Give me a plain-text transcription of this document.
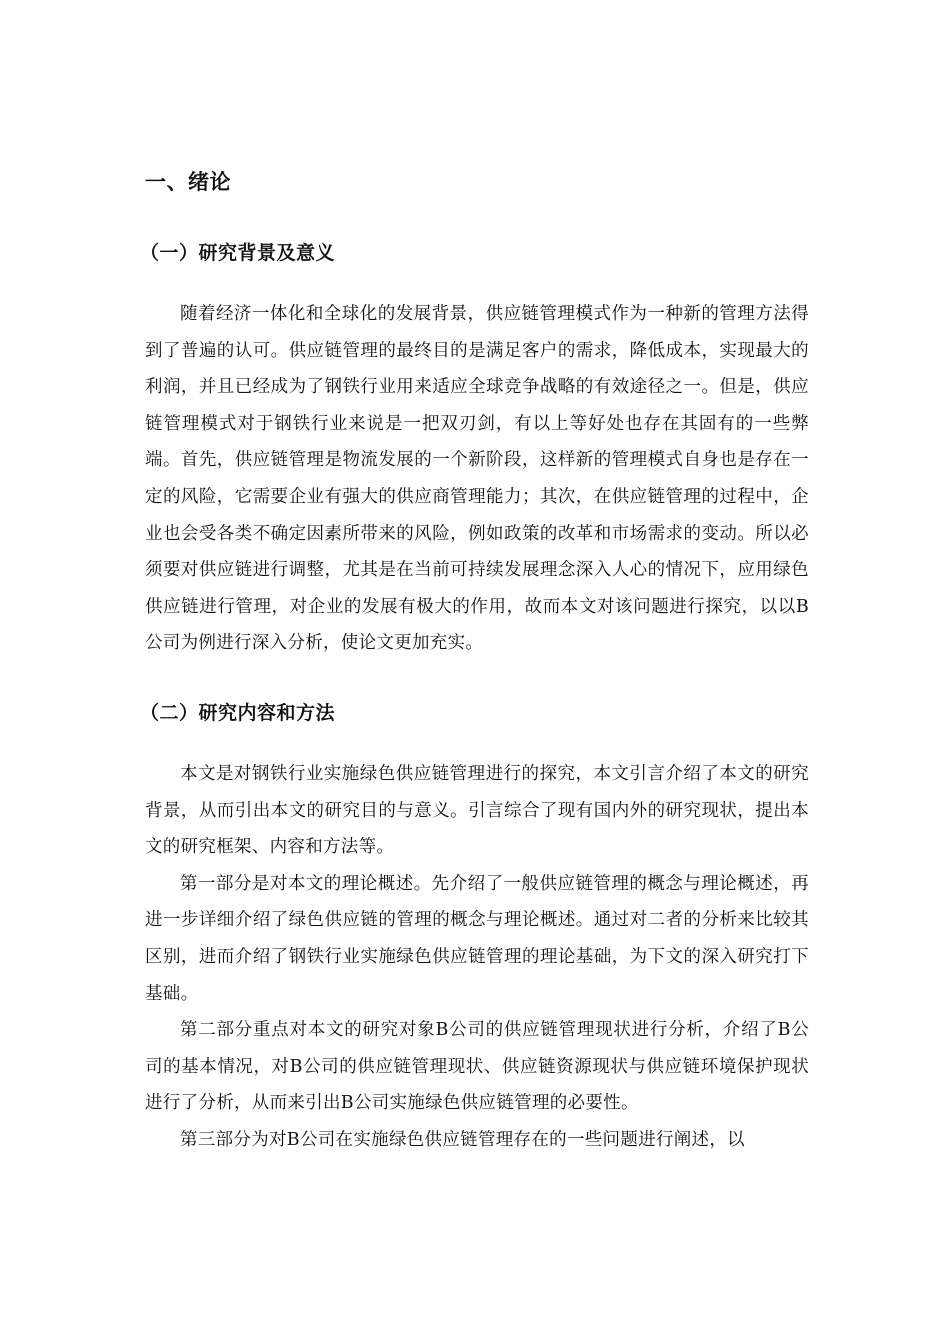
一、绪论
（一）研究背景及意义

随着经济一体化和全球化的发展背景，供应链管理模式作为一种新的管理方法得到了普遍的认可。供应链管理的最终目的是满足客户的需求，降低成本，实现最大的利润，并且已经成为了钢铁行业用来适应全球竞争战略的有效途径之一。但是，供应链管理模式对于钢铁行业来说是一把双刃剑，有以上等好处也存在其固有的一些弊端。首先，供应链管理是物流发展的一个新阶段，这样新的管理模式自身也是存在一定的风险，它需要企业有强大的供应商管理能力；其次，在供应链管理的过程中，企业也会受各类不确定因素所带来的风险，例如政策的改革和市场需求的变动。所以必须要对供应链进行调整，尤其是在当前可持续发展理念深入人心的情况下，应用绿色供应链进行管理，对企业的发展有极大的作用，故而本文对该问题进行探究，以以B公司为例进行深入分析，使论文更加充实。

（二）研究内容和方法

本文是对钢铁行业实施绿色供应链管理进行的探究，本文引言介绍了本文的研究背景，从而引出本文的研究目的与意义。引言综合了现有国内外的研究现状，提出本文的研究框架、内容和方法等。

第一部分是对本文的理论概述。先介绍了一般供应链管理的概念与理论概述，再进一步详细介绍了绿色供应链的管理的概念与理论概述。通过对二者的分析来比较其区别，进而介绍了钢铁行业实施绿色供应链管理的理论基础，为下文的深入研究打下基础。

第二部分重点对本文的研究对象B公司的供应链管理现状进行分析，介绍了B公司的基本情况，对B公司的供应链管理现状、供应链资源现状与供应链环境保护现状进行了分析，从而来引出B公司实施绿色供应链管理的必要性。

第三部分为对B公司在实施绿色供应链管理存在的一些问题进行阐述，以
